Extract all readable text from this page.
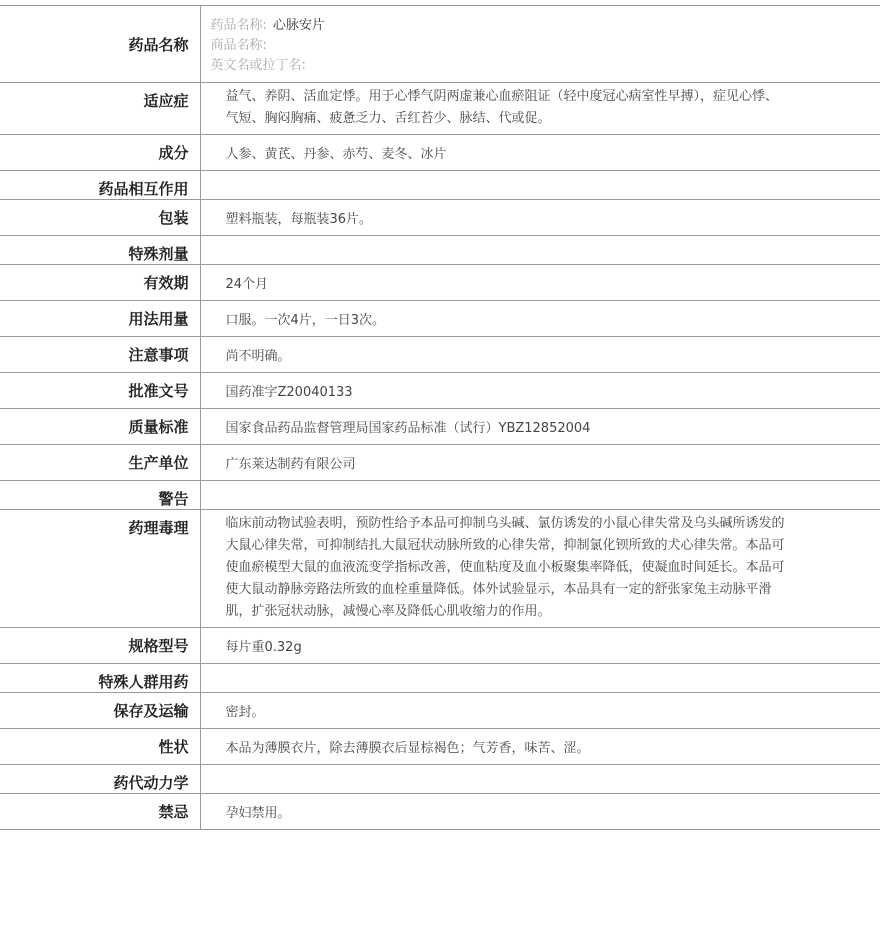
药品名称	药品名称: 心脉安片
商品名称:
英文名或拉丁名:

适应症	益气、养阴、活血定悸。用于心悸气阴两虚兼心血瘀阻证（轻中度冠心病室性早搏），症见心悸、气短、胸闷胸痛、疲惫乏力、舌红苔少、脉结、代或促。
成分	人参、黄芪、丹参、赤芍、麦冬、冰片
药品相互作用	
包装	塑料瓶装，每瓶装36片。
特殊剂量	
有效期	24个月
用法用量	口服。一次4片，一日3次。
注意事项	尚不明确。
批准文号	国药准字Z20040133
质量标准	国家食品药品监督管理局国家药品标准（试行）YBZ12852004
生产单位	广东莱达制药有限公司
警告	
药理毒理	临床前动物试验表明，预防性给予本品可抑制乌头碱、氯仿诱发的小鼠心律失常及乌头碱所诱发的大鼠心律失常，可抑制结扎大鼠冠状动脉所致的心律失常，抑制氯化钡所致的犬心律失常。本品可使血瘀模型大鼠的血液流变学指标改善，使血粘度及血小板聚集率降低，使凝血时间延长。本品可使大鼠动静脉旁路法所致的血栓重量降低。体外试验显示，本品具有一定的舒张家兔主动脉平滑肌，扩张冠状动脉，减慢心率及降低心肌收缩力的作用。
规格型号	每片重0.32g
特殊人群用药	
保存及运输	密封。
性状	本品为薄膜衣片，除去薄膜衣后显棕褐色；气芳香，味苦、涩。
药代动力学	
禁忌	孕妇禁用。
